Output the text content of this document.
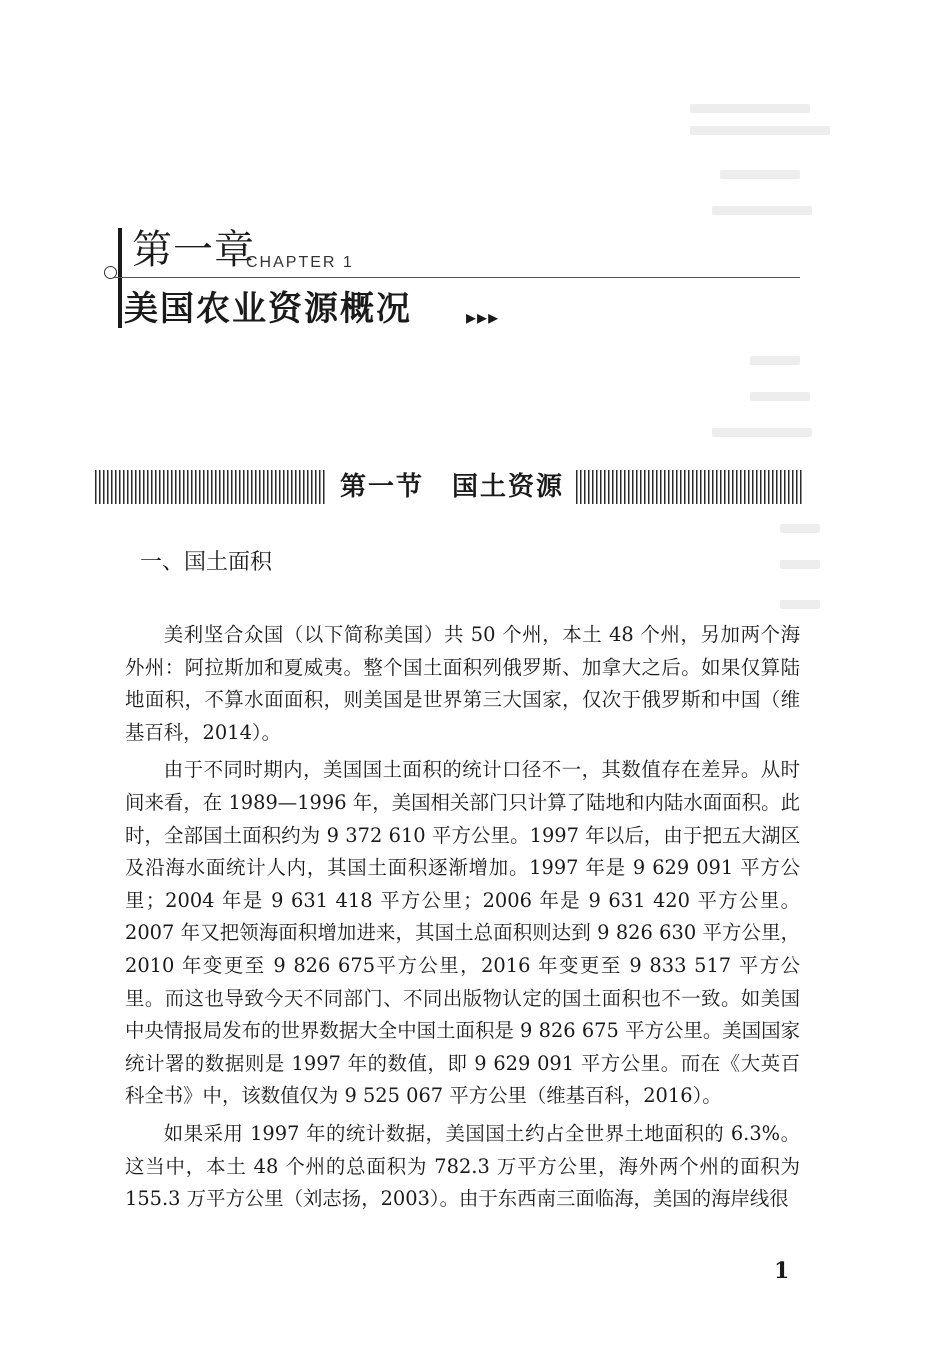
第一章
CHAPTER 1
美国农业资源概况	▸▸▸
第一节　国土资源
一、国土面积

美利坚合众国（以下简称美国）共 50 个州，本土 48 个州，另加两个海外州：阿拉斯加和夏威夷。整个国土面积列俄罗斯、加拿大之后。如果仅算陆地面积，不算水面面积，则美国是世界第三大国家，仅次于俄罗斯和中国（维基百科，2014）。

由于不同时期内，美国国土面积的统计口径不一，其数值存在差异。从时间来看，在 1989—1996 年，美国相关部门只计算了陆地和内陆水面面积。此时，全部国土面积约为 9 372 610 平方公里。1997 年以后，由于把五大湖区及沿海水面统计人内，其国土面积逐渐增加。1997 年是 9 629 091 平方公里；2004 年是 9 631 418 平方公里；2006 年是 9 631 420 平方公里。2007 年又把领海面积增加进来，其国土总面积则达到 9 826 630 平方公里，2010 年变更至 9 826 675平方公里，2016 年变更至 9 833 517 平方公里。而这也导致今天不同部门、不同出版物认定的国土面积也不一致。如美国中央情报局发布的世界数据大全中国土面积是 9 826 675 平方公里。美国国家统计署的数据则是 1997 年的数值，即 9 629 091 平方公里。而在《大英百科全书》中，该数值仅为 9 525 067 平方公里（维基百科，2016）。

如果采用 1997 年的统计数据，美国国土约占全世界土地面积的 6.3%。这当中，本土 48 个州的总面积为 782.3 万平方公里，海外两个州的面积为 155.3 万平方公里（刘志扬，2003）。由于东西南三面临海，美国的海岸线很

1
